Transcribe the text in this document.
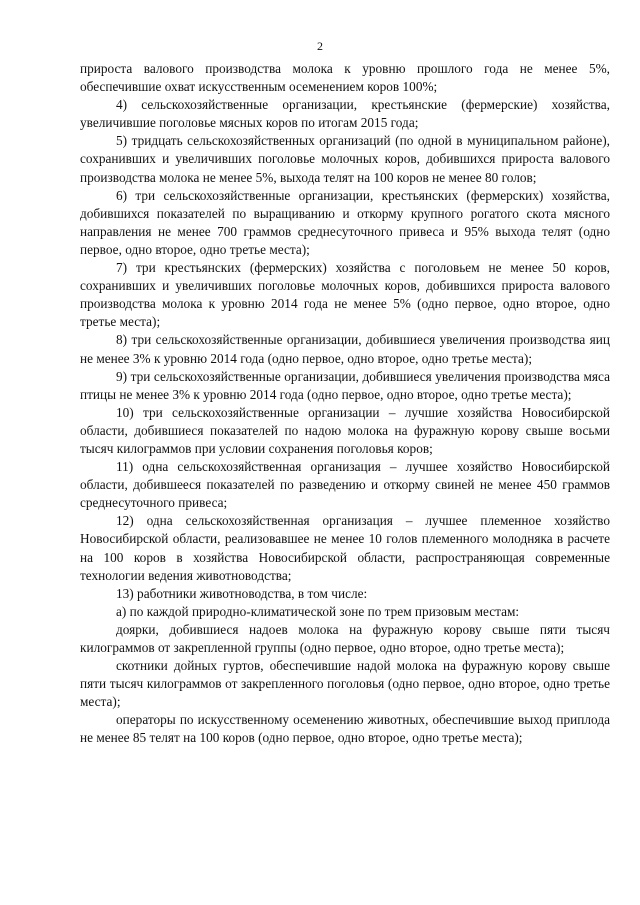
2

прироста валового производства молока к уровню прошлого года не менее 5%, обеспечившие охват искусственным осеменением коров 100%;

4) сельскохозяйственные организации, крестьянские (фермерские) хозяйства, увеличившие поголовье мясных коров по итогам 2015 года;

5) тридцать сельскохозяйственных организаций (по одной в муниципальном районе), сохранивших и увеличивших поголовье молочных коров, добившихся прироста валового производства молока не менее 5%, выхода телят на 100 коров не менее 80 голов;

6) три сельскохозяйственные организации, крестьянских (фермерских) хозяйства, добившихся показателей по выращиванию и откорму крупного рогатого скота мясного направления не менее 700 граммов среднесуточного привеса и 95% выхода телят (одно первое, одно второе, одно третье места);

7) три крестьянских (фермерских) хозяйства с поголовьем не менее 50 коров, сохранивших и увеличивших поголовье молочных коров, добившихся прироста валового производства молока к уровню 2014 года не менее 5% (одно первое, одно второе, одно третье места);

8) три сельскохозяйственные организации, добившиеся увеличения производства яиц не менее 3% к уровню 2014 года (одно первое, одно второе, одно третье места);

9) три сельскохозяйственные организации, добившиеся увеличения производства мяса птицы не менее 3% к уровню 2014 года (одно первое, одно второе, одно третье места);

10) три сельскохозяйственные организации – лучшие хозяйства Новосибирской области, добившиеся показателей по надою молока на фуражную корову свыше восьми тысяч килограммов при условии сохранения поголовья коров;

11) одна сельскохозяйственная организация – лучшее хозяйство Новосибирской области, добившееся показателей по разведению и откорму свиней не менее 450 граммов среднесуточного привеса;

12) одна сельскохозяйственная организация – лучшее племенное хозяйство Новосибирской области, реализовавшее не менее 10 голов племенного молодняка в расчете на 100 коров в хозяйства Новосибирской области, распространяющая современные технологии ведения животноводства;

13) работники животноводства, в том числе:

а) по каждой природно-климатической зоне по трем призовым местам:

доярки, добившиеся надоев молока на фуражную корову свыше пяти тысяч килограммов от закрепленной группы (одно первое, одно второе, одно третье места);

скотники дойных гуртов, обеспечившие надой молока на фуражную корову свыше пяти тысяч килограммов от закрепленного поголовья (одно первое, одно второе, одно третье места);

операторы по искусственному осеменению животных, обеспечившие выход приплода не менее 85 телят на 100 коров (одно первое, одно второе, одно третье места);
